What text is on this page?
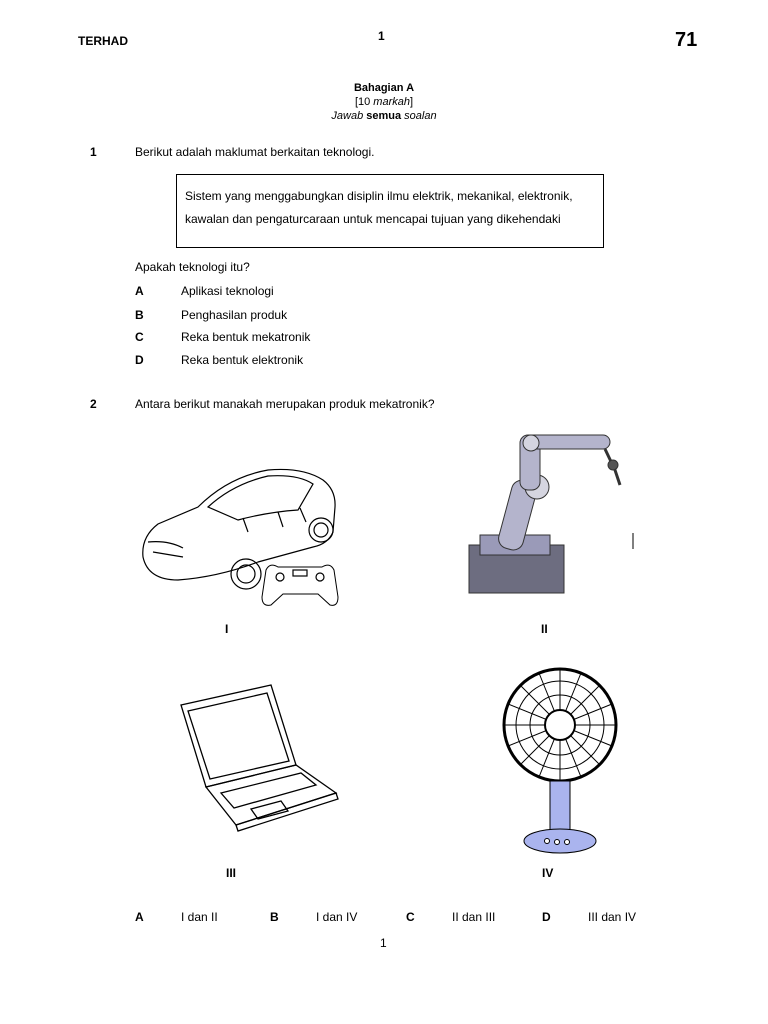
TERHAD	1	71
Bahagian A
[10 markah]
Jawab semua soalan
1	Berikut adalah maklumat berkaitan teknologi.
Sistem yang menggabungkan disiplin ilmu elektrik, mekanikal, elektronik,
kawalan dan pengaturcaraan untuk mencapai tujuan yang dikehendaki
Apakah teknologi itu?
A	Aplikasi teknologi
B	Penghasilan produk
C	Reka bentuk mekatronik
D	Reka bentuk elektronik
2	Antara berikut manakah merupakan produk mekatronik?
I	II
III	IV
A	I dan II	B	I dan IV	C	II dan III	D	III dan IV
1
